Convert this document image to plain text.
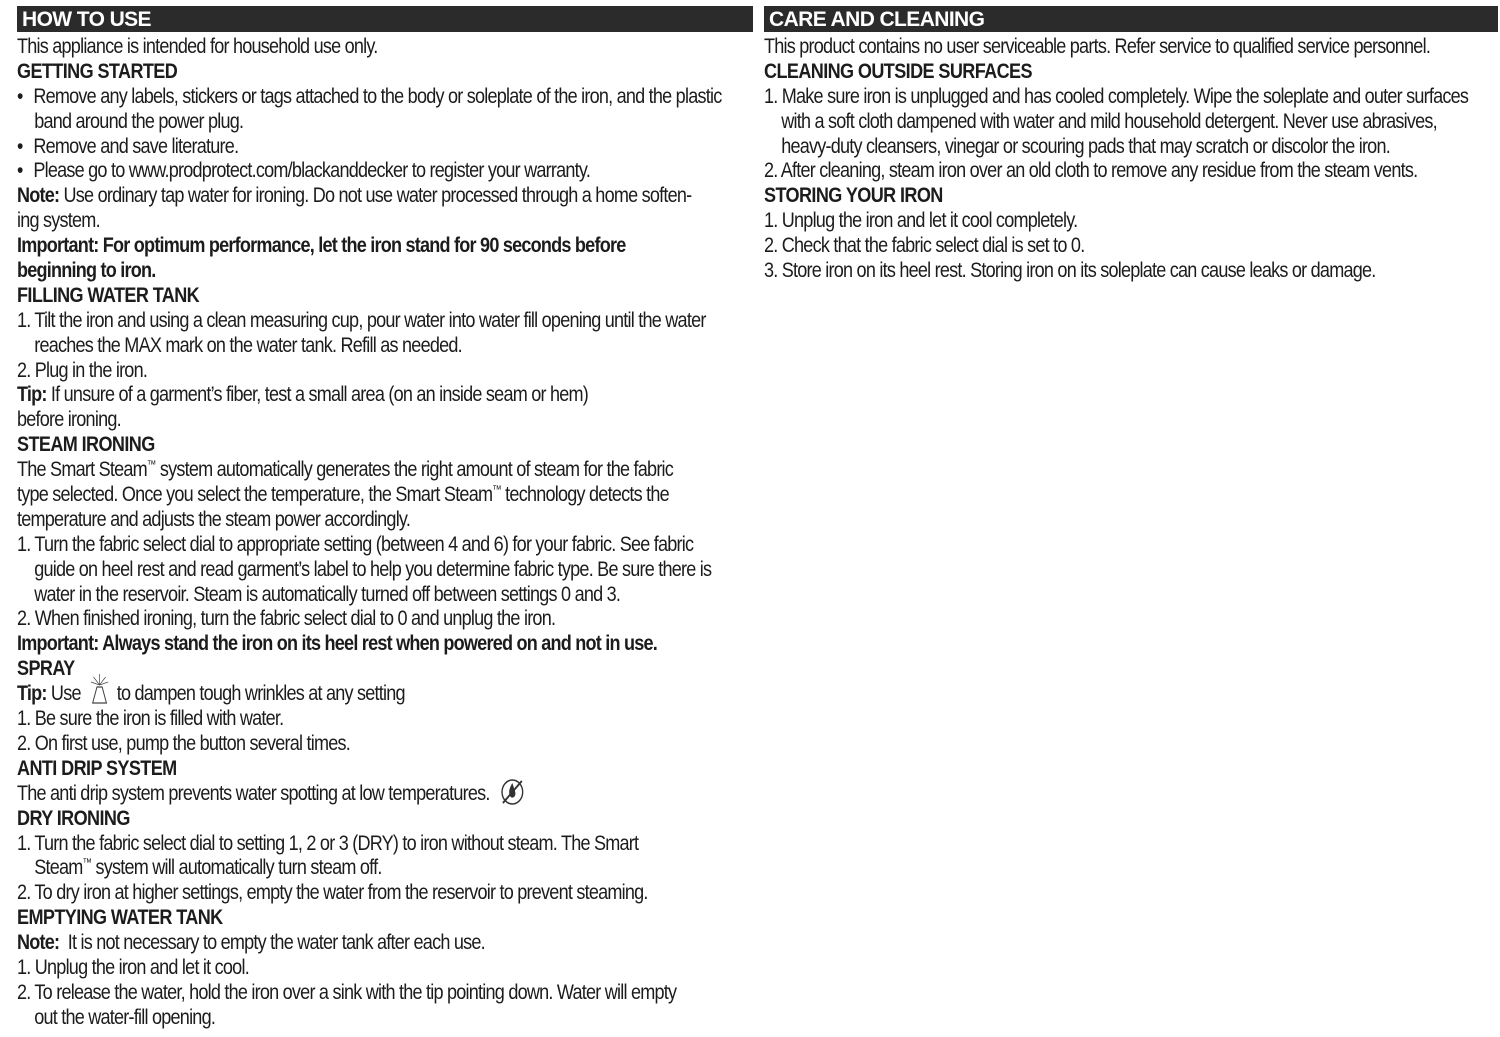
HOW TO USE
This appliance is intended for household use only.
GETTING STARTED
• Remove any labels, stickers or tags attached to the body or soleplate of the iron, and the plastic
band around the power plug.
• Remove and save literature.
• Please go to www.prodprotect.com/blackanddecker to register your warranty.
Note: Use ordinary tap water for ironing. Do not use water processed through a home soften-
ing system.
Important: For optimum performance, let the iron stand for 90 seconds before
beginning to iron.
FILLING WATER TANK
1. Tilt the iron and using a clean measuring cup, pour water into water fill opening until the water
reaches the MAX mark on the water tank. Refill as needed.
2. Plug in the iron.
Tip: If unsure of a garment’s fiber, test a small area (on an inside seam or hem)
before ironing.
STEAM IRONING
The Smart Steam™ system automatically generates the right amount of steam for the fabric
type selected. Once you select the temperature, the Smart Steam™ technology detects the
temperature and adjusts the steam power accordingly.
1. Turn the fabric select dial to appropriate setting (between 4 and 6) for your fabric. See fabric
guide on heel rest and read garment’s label to help you determine fabric type. Be sure there is
water in the reservoir. Steam is automatically turned off between settings 0 and 3.
2. When finished ironing, turn the fabric select dial to 0 and unplug the iron.
Important: Always stand the iron on its heel rest when powered on and not in use.
SPRAY
Tip: Use to dampen tough wrinkles at any setting
1. Be sure the iron is filled with water.
2. On first use, pump the button several times.
ANTI DRIP SYSTEM
The anti drip system prevents water spotting at low temperatures.
DRY IRONING
1. Turn the fabric select dial to setting 1, 2 or 3 (DRY) to iron without steam. The Smart
Steam™ system will automatically turn steam off.
2. To dry iron at higher settings, empty the water from the reservoir to prevent steaming.
EMPTYING WATER TANK
Note: It is not necessary to empty the water tank after each use.
1. Unplug the iron and let it cool.
2. To release the water, hold the iron over a sink with the tip pointing down. Water will empty
out the water-fill opening.
CARE AND CLEANING
This product contains no user serviceable parts. Refer service to qualified service personnel.
CLEANING OUTSIDE SURFACES
1. Make sure iron is unplugged and has cooled completely. Wipe the soleplate and outer surfaces
with a soft cloth dampened with water and mild household detergent. Never use abrasives,
heavy-duty cleansers, vinegar or scouring pads that may scratch or discolor the iron.
2. After cleaning, steam iron over an old cloth to remove any residue from the steam vents.
STORING YOUR IRON
1. Unplug the iron and let it cool completely.
2. Check that the fabric select dial is set to 0.
3. Store iron on its heel rest. Storing iron on its soleplate can cause leaks or damage.
